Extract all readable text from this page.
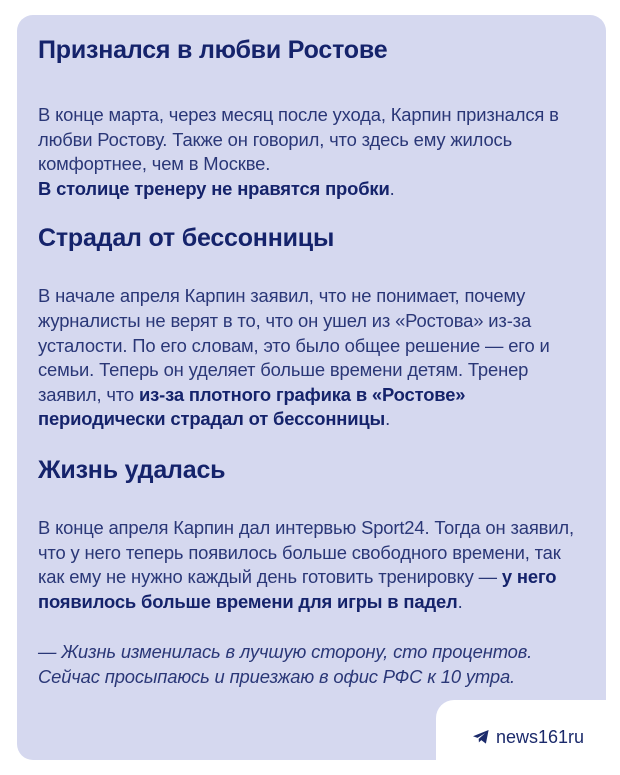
Признался в любви Ростове

В конце марта, через месяц после ухода, Карпин признался в любви Ростову. Также он говорил, что здесь ему жилось комфортнее, чем в Москве.
В столице тренеру не нравятся пробки.

Страдал от бессонницы

В начале апреля Карпин заявил, что не понимает, почему журналисты не верят в то, что он ушел из «Ростова» из-за усталости. По его словам, это было общее решение — его и семьи. Теперь он уделяет больше времени детям. Тренер заявил, что из-за плотного графика в «Ростове» периодически страдал от бессонницы.

Жизнь удалась

В конце апреля Карпин дал интервью Sport24. Тогда он заявил, что у него теперь появилось больше свободного времени, так как ему не нужно каждый день готовить тренировку — у него появилось больше времени для игры в падел.

— Жизнь изменилась в лучшую сторону, сто процентов. Сейчас просыпаюсь и приезжаю в офис РФС к 10 утра.

news161ru
